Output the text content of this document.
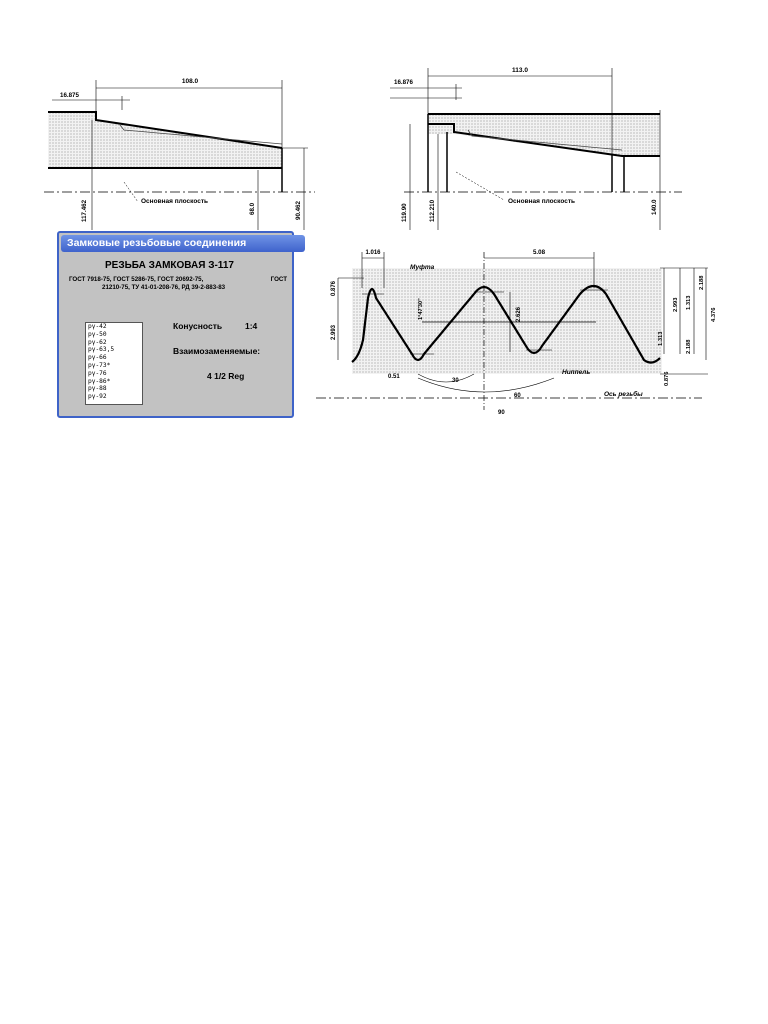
108.0
16.875
117.462	68.0	90.462
Основная плоскость
113.0
16.876
119.90	112.210	140.0
Основная плоскость
Замковые резьбовые соединения
РЕЗЬБА ЗАМКОВАЯ З-117
ГОСТ 7918-75, ГОСТ 5286-75, ГОСТ 20692-75,	ГОСТ
21210-75, ТУ 41-01-208-76, РД 39-2-883-83
рү-42
рү-50
рү-62
рү-63,5
рү-66
рү-73*
рү-76
рү-86*
рү-88
рү-92
Конусность	1:4
Взаимозаменяемые:
4 1/2 Reg
1.016	5.08
Муфта
Ниппель
Ось резьбы
0.876
2.993
1°47'30"	2.626
0.51
30
60
90
1.313
1.313
2.993
2.188
2.188
4.376
0.876
